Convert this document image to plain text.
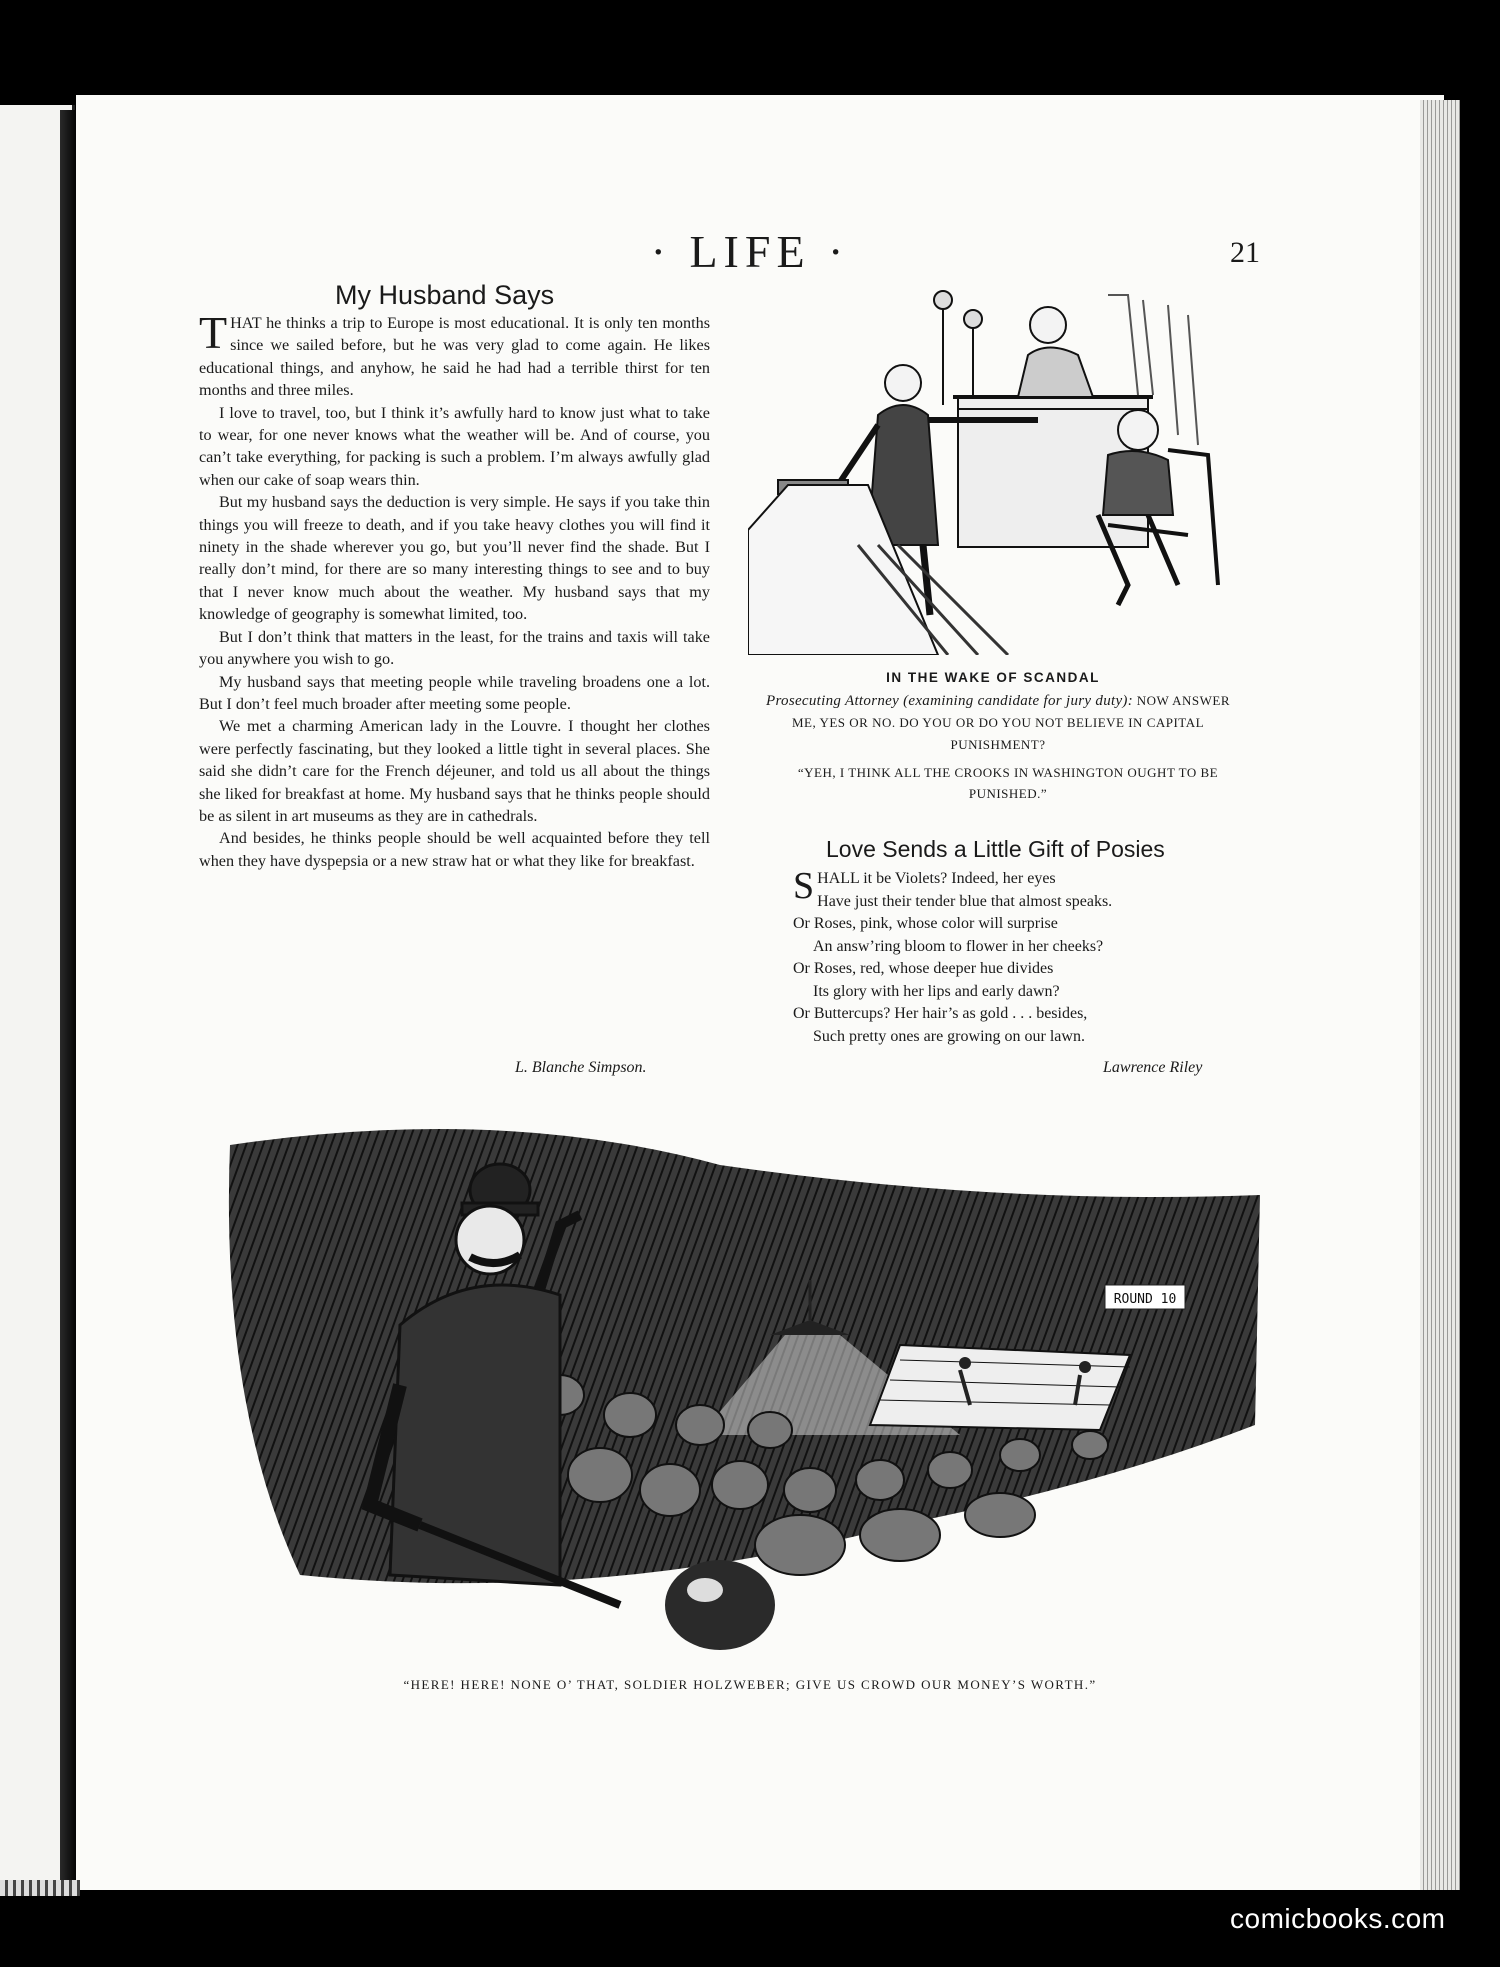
· LIFE ·	21
My Husband Says

THAT he thinks a trip to Europe is most educational. It is only ten months since we sailed before, but he was very glad to come again. He likes educational things, and anyhow, he said he had had a terrible thirst for ten months and three miles.

I love to travel, too, but I think it’s awfully hard to know just what to take to wear, for one never knows what the weather will be. And of course, you can’t take everything, for packing is such a problem. I’m always awfully glad when our cake of soap wears thin.

But my husband says the deduction is very simple. He says if you take thin things you will freeze to death, and if you take heavy clothes you will find it ninety in the shade wherever you go, but you’ll never find the shade. But I really don’t mind, for there are so many interesting things to see and to buy that I never know much about the weather. My husband says that my knowledge of geography is somewhat limited, too.

But I don’t think that matters in the least, for the trains and taxis will take you anywhere you wish to go.

My husband says that meeting people while traveling broadens one a lot. But I don’t feel much broader after meeting some people.

We met a charming American lady in the Louvre. I thought her clothes were perfectly fascinating, but they looked a little tight in several places. She said she didn’t care for the French déjeuner, and told us all about the things she liked for breakfast at home. My husband says that he thinks people should be as silent in art museums as they are in cathedrals.

And besides, he thinks people should be well acquainted before they tell when they have dyspepsia or a new straw hat or what they like for breakfast.

L. Blanche Simpson.
IN THE WAKE OF SCANDAL
Prosecuting Attorney (examining candidate for jury duty): NOW ANSWER ME, YES OR NO. DO YOU OR DO YOU NOT BELIEVE IN CAPITAL PUNISHMENT?
“YEH, I THINK ALL THE CROOKS IN WASHINGTON OUGHT TO BE PUNISHED.”
Love Sends a Little Gift of Posies
SHALL it be Violets? Indeed, her eyes
Have just their tender blue that almost speaks.
Or Roses, pink, whose color will surprise
An answ’ring bloom to flower in her cheeks?
Or Roses, red, whose deeper hue divides
Its glory with her lips and early dawn?
Or Buttercups? Her hair’s as gold . . . besides,
Such pretty ones are growing on our lawn.
Lawrence Riley
ROUND 10
“HERE! HERE! NONE O’ THAT, SOLDIER HOLZWEBER; GIVE US CROWD OUR MONEY’S WORTH.”
comicbooks.com
